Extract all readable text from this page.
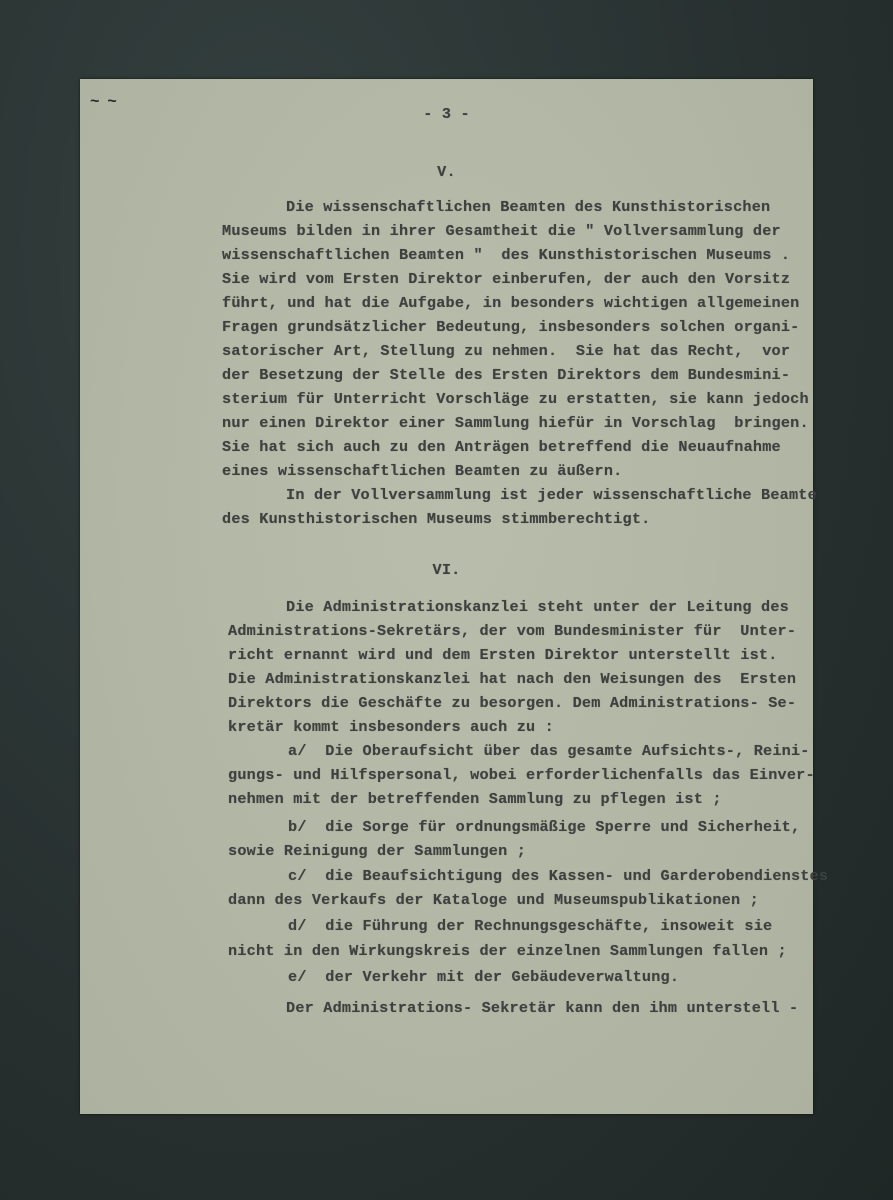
~ ~
- 3 -
V.
Die wissenschaftlichen Beamten des Kunsthistorischen
Museums bilden in ihrer Gesamtheit die " Vollversammlung der
wissenschaftlichen Beamten "  des Kunsthistorischen Museums .
Sie wird vom Ersten Direktor einberufen, der auch den Vorsitz
führt, und hat die Aufgabe, in besonders wichtigen allgemeinen
Fragen grundsätzlicher Bedeutung, insbesonders solchen organi-
satorischer Art, Stellung zu nehmen.  Sie hat das Recht,  vor
der Besetzung der Stelle des Ersten Direktors dem Bundesmini-
sterium für Unterricht Vorschläge zu erstatten, sie kann jedoch
nur einen Direktor einer Sammlung hiefür in Vorschlag  bringen.
Sie hat sich auch zu den Anträgen betreffend die Neuaufnahme
eines wissenschaftlichen Beamten zu äußern.
In der Vollversammlung ist jeder wissenschaftliche Beamte
des Kunsthistorischen Museums stimmberechtigt.
VI.
Die Administrationskanzlei steht unter der Leitung des
Administrations-Sekretärs, der vom Bundesminister für  Unter-
richt ernannt wird und dem Ersten Direktor unterstellt ist.
Die Administrationskanzlei hat nach den Weisungen des  Ersten
Direktors die Geschäfte zu besorgen. Dem Administrations- Se-
kretär kommt insbesonders auch zu :
a/  Die Oberaufsicht über das gesamte Aufsichts-, Reini-
gungs- und Hilfspersonal, wobei erforderlichenfalls das Einver-
nehmen mit der betreffenden Sammlung zu pflegen ist ;
b/  die Sorge für ordnungsmäßige Sperre und Sicherheit,
sowie Reinigung der Sammlungen ;
c/  die Beaufsichtigung des Kassen- und Garderobendienstes
dann des Verkaufs der Kataloge und Museumspublikationen ;
d/  die Führung der Rechnungsgeschäfte, insoweit sie
nicht in den Wirkungskreis der einzelnen Sammlungen fallen ;
e/  der Verkehr mit der Gebäudeverwaltung.
Der Administrations- Sekretär kann den ihm unterstell -
